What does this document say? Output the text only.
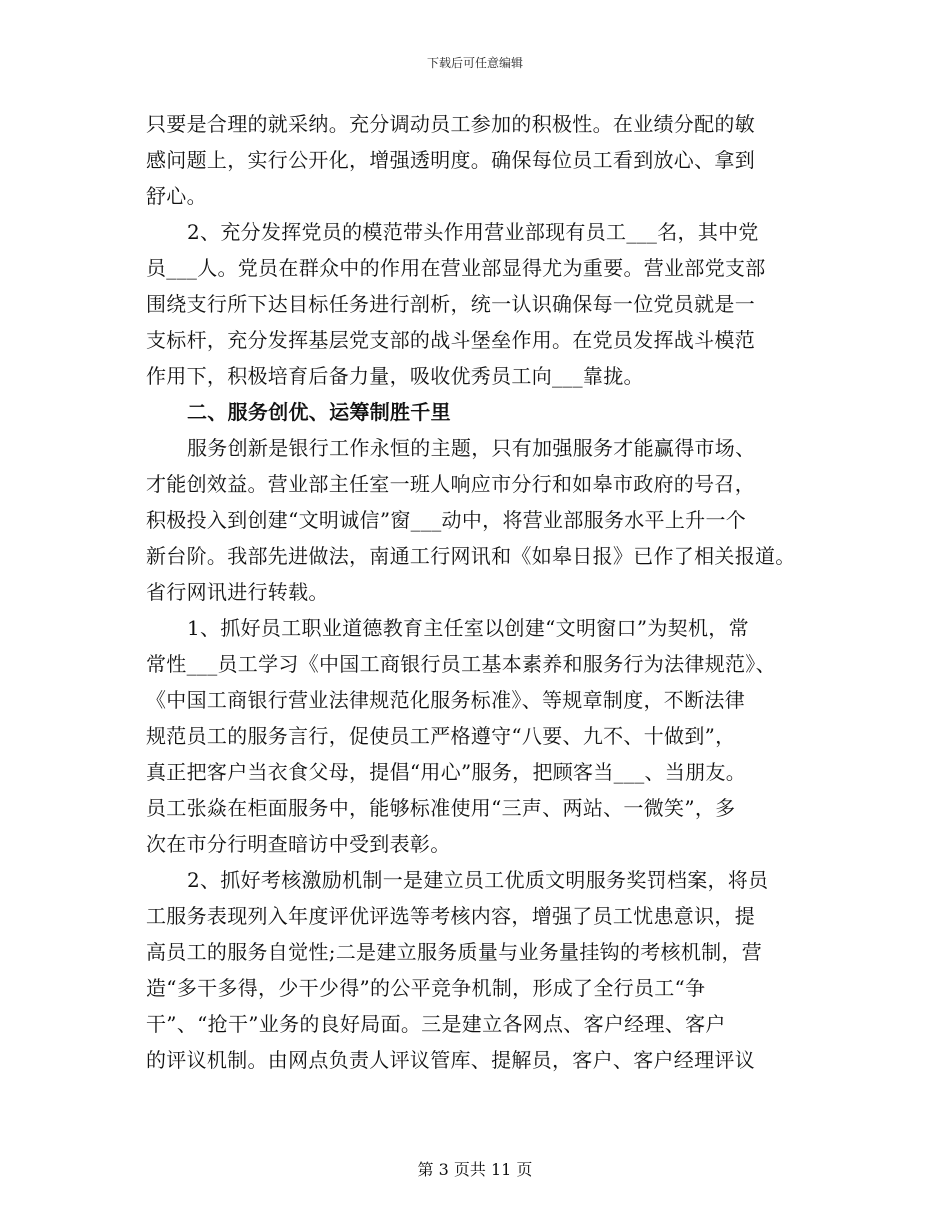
下载后可任意编辑
只要是合理的就采纳。充分调动员工参加的积极性。在业绩分配的敏
感问题上，实行公开化，增强透明度。确保每位员工看到放心、拿到
舒心。
2、充分发挥党员的模范带头作用营业部现有员工___名，其中党
员___人。党员在群众中的作用在营业部显得尤为重要。营业部党支部
围绕支行所下达目标任务进行剖析，统一认识确保每一位党员就是一
支标杆，充分发挥基层党支部的战斗堡垒作用。在党员发挥战斗模范
作用下，积极培育后备力量，吸收优秀员工向___靠拢。
二、服务创优、运筹制胜千里
服务创新是银行工作永恒的主题，只有加强服务才能赢得市场、
才能创效益。营业部主任室一班人响应市分行和如皋市政府的号召，
积极投入到创建“文明诚信”窗___动中，将营业部服务水平上升一个
新台阶。我部先进做法，南通工行网讯和《如皋日报》已作了相关报道。
省行网讯进行转载。
1、抓好员工职业道德教育主任室以创建“文明窗口”为契机，常
常性___员工学习《中国工商银行员工基本素养和服务行为法律规范》、
《中国工商银行营业法律规范化服务标准》、等规章制度，不断法律
规范员工的服务言行，促使员工严格遵守“八要、九不、十做到”，
真正把客户当衣食父母，提倡“用心”服务，把顾客当___、当朋友。
员工张焱在柜面服务中，能够标准使用“三声、两站、一微笑”，多
次在市分行明查暗访中受到表彰。
2、抓好考核激励机制一是建立员工优质文明服务奖罚档案，将员
工服务表现列入年度评优评选等考核内容，增强了员工忧患意识，提
高员工的服务自觉性;二是建立服务质量与业务量挂钩的考核机制，营
造“多干多得，少干少得”的公平竞争机制，形成了全行员工“争
干”、“抢干”业务的良好局面。三是建立各网点、客户经理、客户
的评议机制。由网点负责人评议管库、提解员，客户、客户经理评议
第 3 页共 11 页
